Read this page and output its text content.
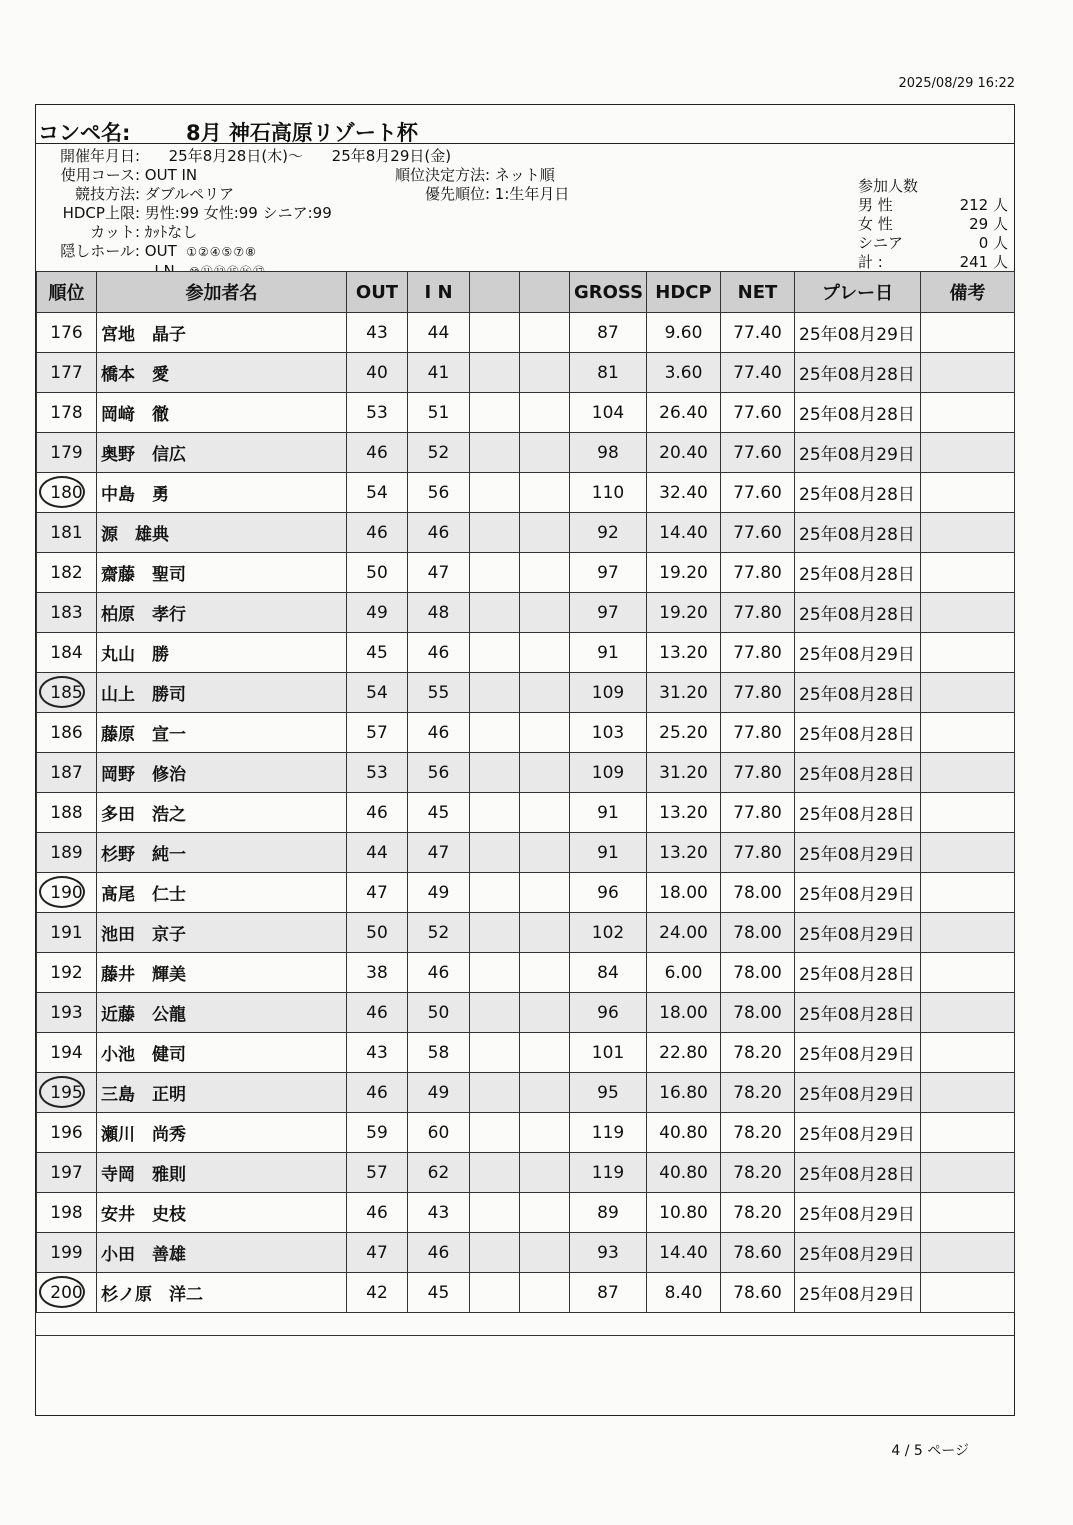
2025/08/29 16:22
コンペ名:	8月 神石高原リゾート杯
開催年月日: 25年8月28日(木)～ 25年8月29日(金)
使用コース: OUT IN
競技方法: ダブルペリア
HDCP上限: 男性:99 女性:99 シニア:99
カット: ｶｯﾄなし
隠しホール: OUT ①②④⑤⑦⑧

順位決定方法: ネット順
優先順位: 1:生年月日	参加人数
男 性	212 人
女 性	29 人
シニア	0 人
計 :	241 人
順位	参加者名	OUT	I N			GROSS	HDCP	NET	プレー日	備考
176	宮地　晶子	43	44			87	9.60	77.40	25年08月29日	
177	橋本　愛	40	41			81	3.60	77.40	25年08月28日	
178	岡﨑　徹	53	51			104	26.40	77.60	25年08月28日	
179	奥野　信広	46	52			98	20.40	77.60	25年08月29日	

180	中島　勇	54	56			110	32.40	77.60	25年08月28日	
181	源　雄典	46	46			92	14.40	77.60	25年08月28日	
182	齋藤　聖司	50	47			97	19.20	77.80	25年08月28日	
183	柏原　孝行	49	48			97	19.20	77.80	25年08月28日	
184	丸山　勝	45	46			91	13.20	77.80	25年08月29日	

185	山上　勝司	54	55			109	31.20	77.80	25年08月28日	
186	藤原　宣一	57	46			103	25.20	77.80	25年08月28日	
187	岡野　修治	53	56			109	31.20	77.80	25年08月28日	
188	多田　浩之	46	45			91	13.20	77.80	25年08月28日	
189	杉野　純一	44	47			91	13.20	77.80	25年08月29日	

190	髙尾　仁士	47	49			96	18.00	78.00	25年08月29日	
191	池田　京子	50	52			102	24.00	78.00	25年08月29日	
192	藤井　輝美	38	46			84	6.00	78.00	25年08月28日	
193	近藤　公龍	46	50			96	18.00	78.00	25年08月28日	
194	小池　健司	43	58			101	22.80	78.20	25年08月29日	

195	三島　正明	46	49			95	16.80	78.20	25年08月29日	
196	瀬川　尚秀	59	60			119	40.80	78.20	25年08月29日	
197	寺岡　雅則	57	62			119	40.80	78.20	25年08月28日	
198	安井　史枝	46	43			89	10.80	78.20	25年08月29日	
199	小田　善雄	47	46			93	14.40	78.60	25年08月29日	

200	杉ノ原　洋二	42	45			87	8.40	78.60	25年08月29日	
4 / 5 ページ
